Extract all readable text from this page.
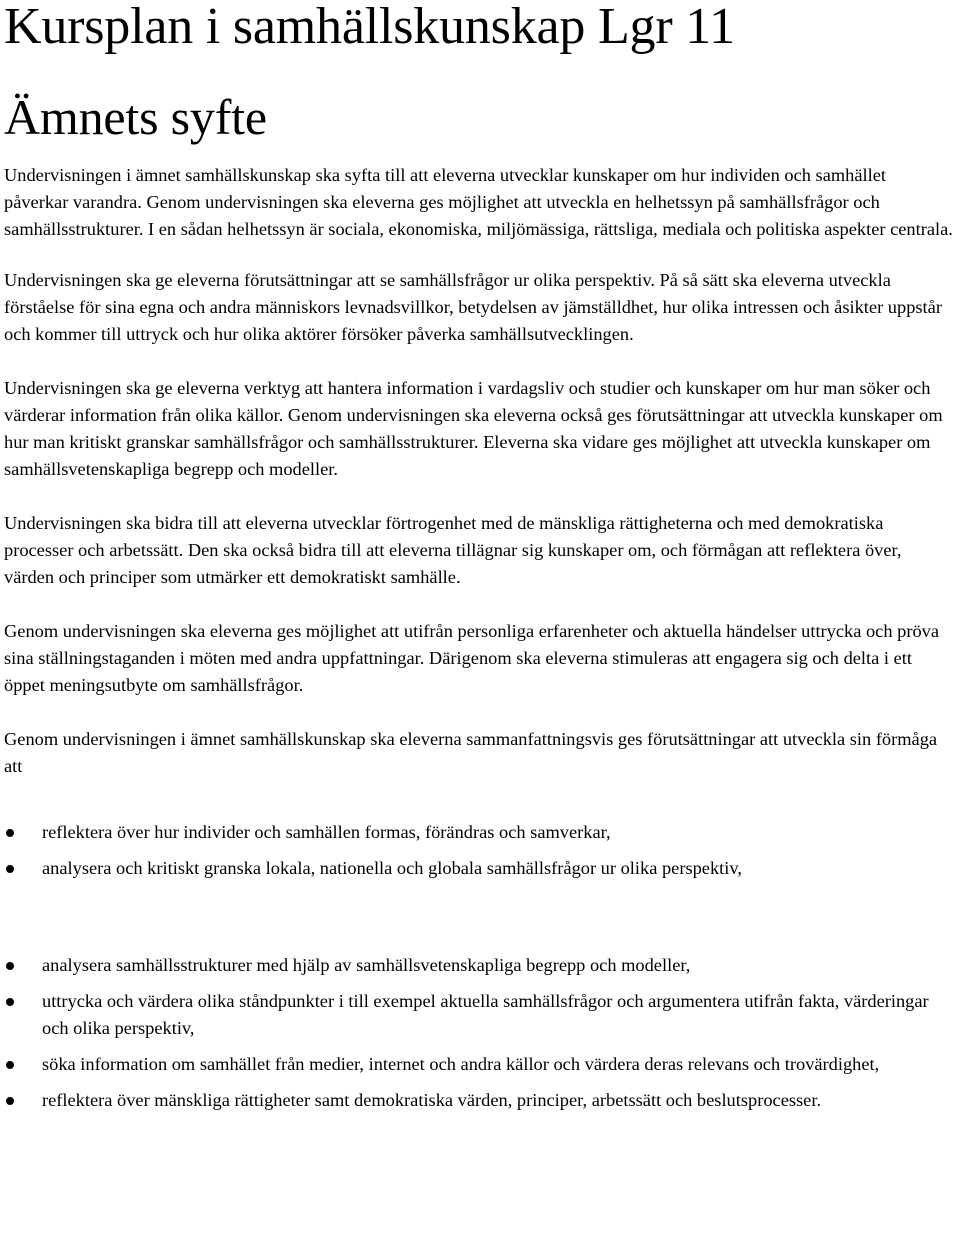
Kursplan i samhällskunskap Lgr 11
Ämnets syfte

Undervisningen i ämnet samhällskunskap ska syfta till att eleverna utvecklar kunskaper om hur individen och samhället påverkar varandra. Genom undervisningen ska eleverna ges möjlighet att utveckla en helhetssyn på samhällsfrågor och samhällsstrukturer. I en sådan helhetssyn är sociala, ekonomiska, miljömässiga, rättsliga, mediala och politiska aspekter centrala.

Undervisningen ska ge eleverna förutsättningar att se samhällsfrågor ur olika perspektiv. På så sätt ska eleverna utveckla förståelse för sina egna och andra människors levnadsvillkor, betydelsen av jämställdhet, hur olika intressen och åsikter uppstår och kommer till uttryck och hur olika aktörer försöker påverka samhällsutvecklingen.

Undervisningen ska ge eleverna verktyg att hantera information i vardagsliv och studier och kunskaper om hur man söker och värderar information från olika källor. Genom undervisningen ska eleverna också ges förutsättningar att utveckla kunskaper om hur man kritiskt granskar samhällsfrågor och samhällsstrukturer. Eleverna ska vidare ges möjlighet att utveckla kunskaper om samhällsvetenskapliga begrepp och modeller.

Undervisningen ska bidra till att eleverna utvecklar förtrogenhet med de mänskliga rättigheterna och med demokratiska processer och arbetssätt. Den ska också bidra till att eleverna tillägnar sig kunskaper om, och förmågan att reflektera över, värden och principer som utmärker ett demokratiskt samhälle.

Genom undervisningen ska eleverna ges möjlighet att utifrån personliga erfarenheter och aktuella händelser uttrycka och pröva sina ställningstaganden i möten med andra uppfattningar. Därigenom ska eleverna stimuleras att engagera sig och delta i ett öppet meningsutbyte om samhällsfrågor.

Genom undervisningen i ämnet samhällskunskap ska eleverna sammanfattningsvis ges förutsättningar att utveckla sin förmåga att

reflektera över hur individer och samhällen formas, förändras och samverkar,
analysera och kritiskt granska lokala, nationella och globala samhällsfrågor ur olika perspektiv,
analysera samhällsstrukturer med hjälp av samhällsvetenskapliga begrepp och modeller,
uttrycka och värdera olika ståndpunkter i till exempel aktuella samhällsfrågor och argumentera utifrån fakta, värderingar och olika perspektiv,
söka information om samhället från medier, internet och andra källor och värdera deras relevans och trovärdighet,
reflektera över mänskliga rättigheter samt demokratiska värden, principer, arbetssätt och beslutsprocesser.
